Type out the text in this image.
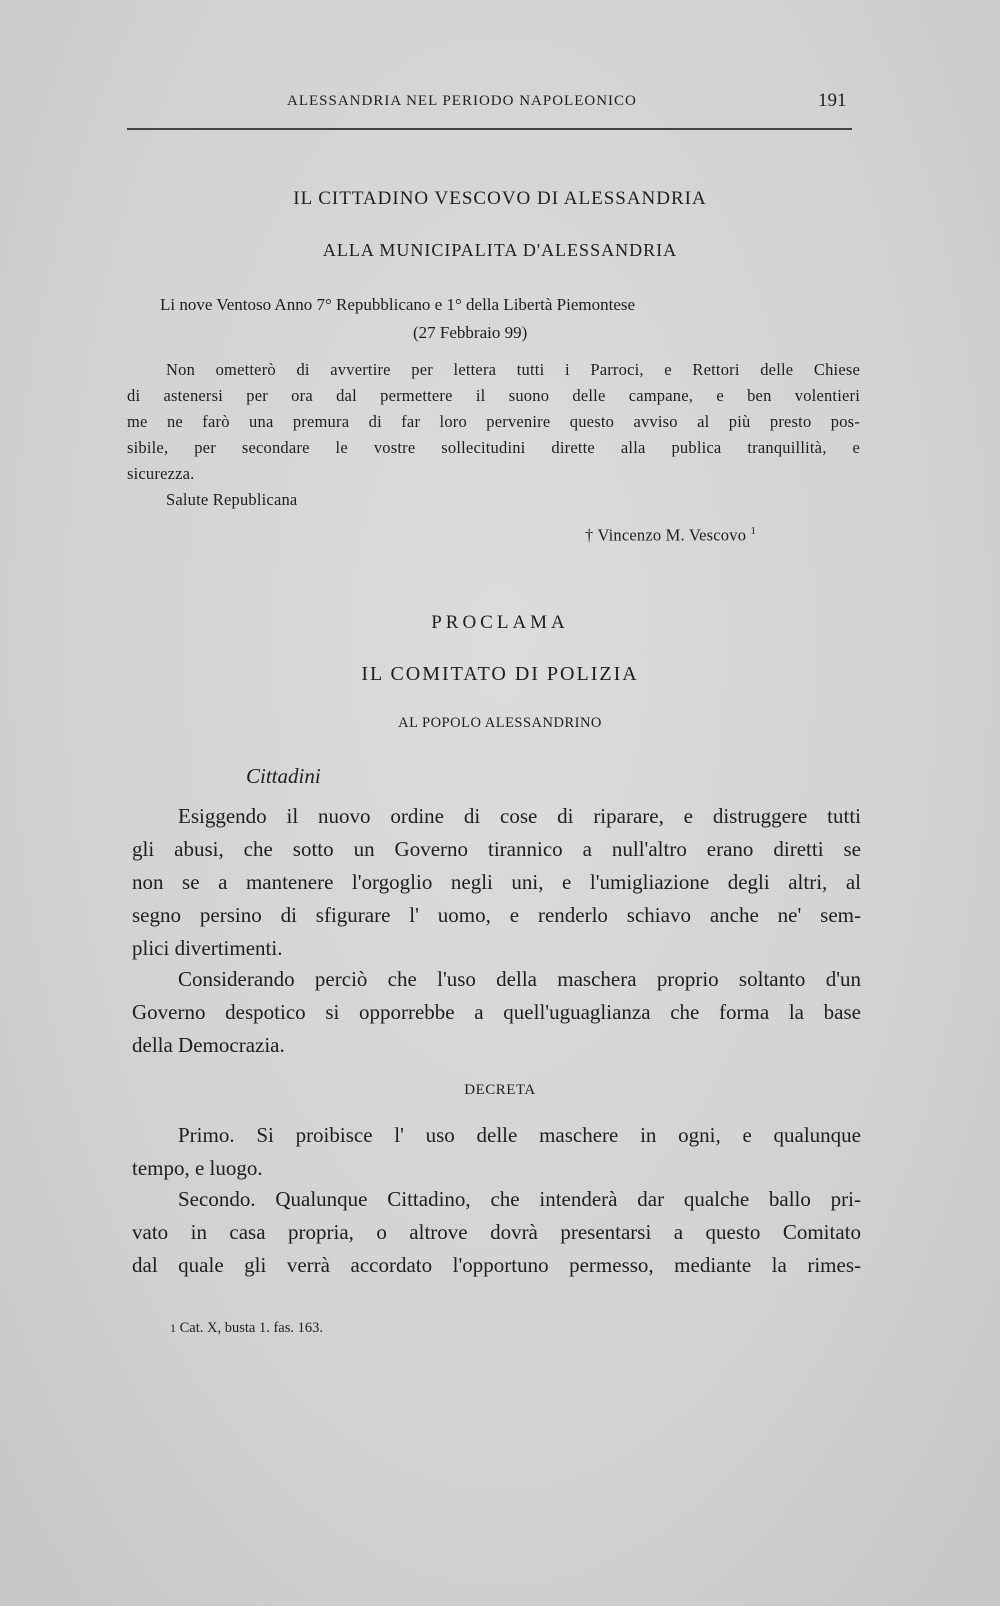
ALESSANDRIA NEL PERIODO NAPOLEONICO	191
IL CITTADINO VESCOVO DI ALESSANDRIA
ALLA MUNICIPALITA D'ALESSANDRIA
Li nove Ventoso Anno 7° Repubblicano e 1° della Libertà Piemontese
(27 Febbraio 99)
Non ometterò di avvertire per lettera tutti i Parroci, e Rettori delle Chiese
di astenersi per ora dal permettere il suono delle campane, e ben volentieri
me ne farò una premura di far loro pervenire questo avviso al più presto pos-
sibile, per secondare le vostre sollecitudini dirette alla publica tranquillità, e
sicurezza.
Salute Republicana
† Vincenzo M. Vescovo $^1$
PROCLAMA
IL COMITATO DI POLIZIA
AL POPOLO ALESSANDRINO
Cittadini
Esiggendo il nuovo ordine di cose di riparare, e distruggere tutti
gli abusi, che sotto un Governo tirannico a null'altro erano diretti se
non se a mantenere l'orgoglio negli uni, e l'umigliazione degli altri, al
segno persino di sfigurare l' uomo, e renderlo schiavo anche ne' sem-
plici divertimenti.
Considerando perciò che l'uso della maschera proprio soltanto d'un
Governo despotico si opporrebbe a quell'uguaglianza che forma la base
della Democrazia.
DECRETA
Primo. Si proibisce l' uso delle maschere in ogni, e qualunque
tempo, e luogo.
Secondo. Qualunque Cittadino, che intenderà dar qualche ballo pri-
vato in casa propria, o altrove dovrà presentarsi a questo Comitato
dal quale gli verrà accordato l'opportuno permesso, mediante la rimes-
1 Cat. X, busta 1. fas. 163.
